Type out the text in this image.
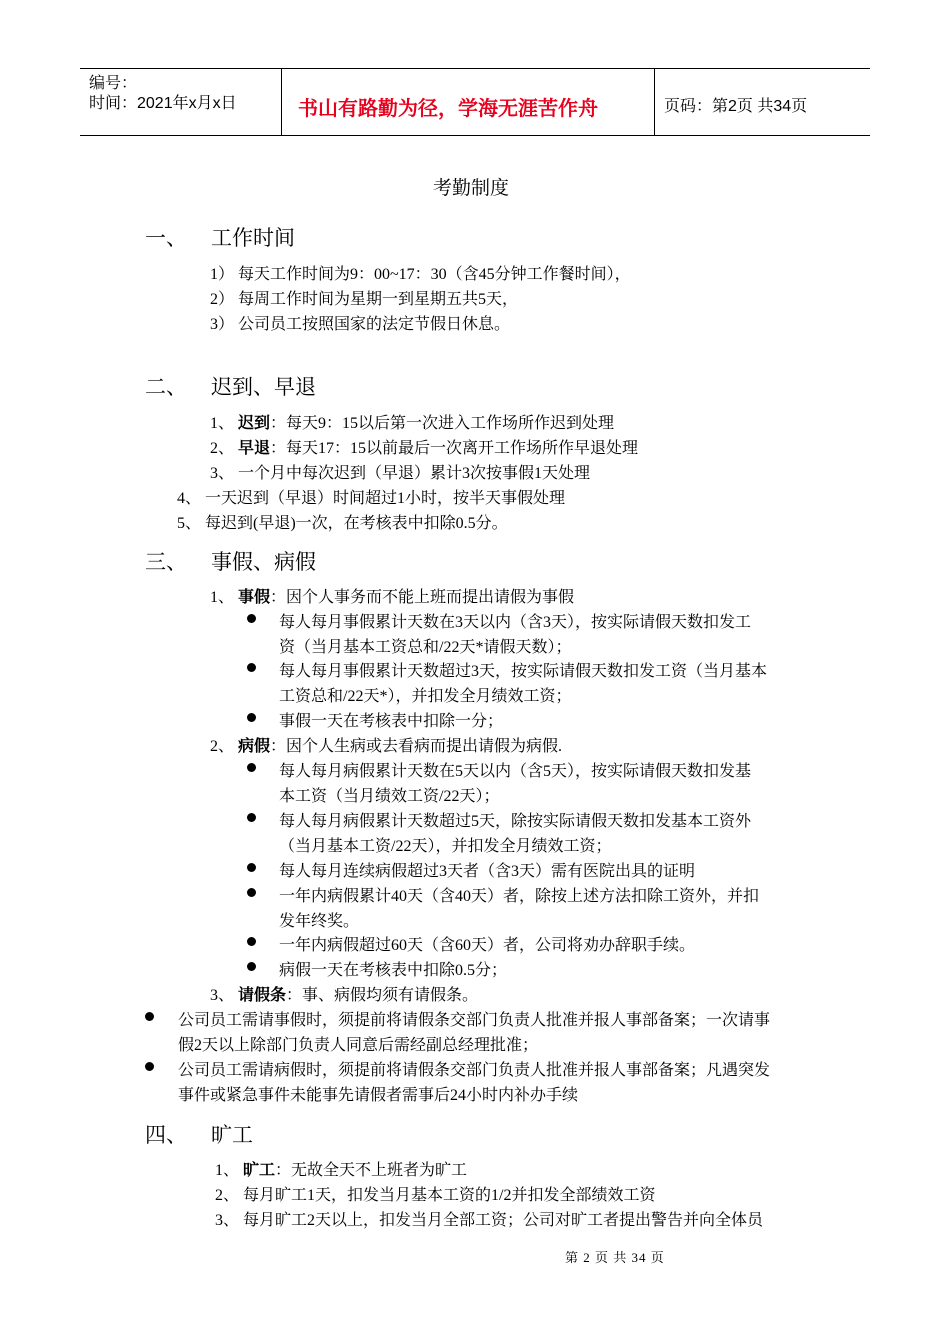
编号：
时间：2021年x月x日	书山有路勤为径，学海无涯苦作舟	页码：第2页 共34页
考勤制度
一、 工作时间
1） 每天工作时间为9：00~17：30（含45分钟工作餐时间），
2） 每周工作时间为星期一到星期五共5天，
3） 公司员工按照国家的法定节假日休息。
二、 迟到、早退
1、 迟到：每天9：15以后第一次进入工作场所作迟到处理
2、 早退：每天17：15以前最后一次离开工作场所作早退处理
3、 一个月中每次迟到（早退）累计3次按事假1天处理
4、 一天迟到（早退）时间超过1小时，按半天事假处理
5、 每迟到(早退)一次，在考核表中扣除0.5分。
三、 事假、病假
1、 事假：因个人事务而不能上班而提出请假为事假
每人每月事假累计天数在3天以内（含3天），按实际请假天数扣发工
资（当月基本工资总和/22天*请假天数）；
每人每月事假累计天数超过3天，按实际请假天数扣发工资（当月基本
工资总和/22天*），并扣发全月绩效工资；
事假一天在考核表中扣除一分；
2、 病假：因个人生病或去看病而提出请假为病假.
每人每月病假累计天数在5天以内（含5天），按实际请假天数扣发基
本工资（当月绩效工资/22天）；
每人每月病假累计天数超过5天，除按实际请假天数扣发基本工资外
（当月基本工资/22天），并扣发全月绩效工资；
每人每月连续病假超过3天者（含3天）需有医院出具的证明
一年内病假累计40天（含40天）者，除按上述方法扣除工资外，并扣
发年终奖。
一年内病假超过60天（含60天）者，公司将劝办辞职手续。
病假一天在考核表中扣除0.5分；
3、 请假条：事、病假均须有请假条。
公司员工需请事假时，须提前将请假条交部门负责人批准并报人事部备案；一次请事
假2天以上除部门负责人同意后需经副总经理批准；
公司员工需请病假时，须提前将请假条交部门负责人批准并报人事部备案；凡遇突发
事件或紧急事件未能事先请假者需事后24小时内补办手续
四、 旷工
1、 旷工：无故全天不上班者为旷工
2、 每月旷工1天，扣发当月基本工资的1/2并扣发全部绩效工资
3、 每月旷工2天以上，扣发当月全部工资；公司对旷工者提出警告并向全体员
第 2 页 共 34 页
